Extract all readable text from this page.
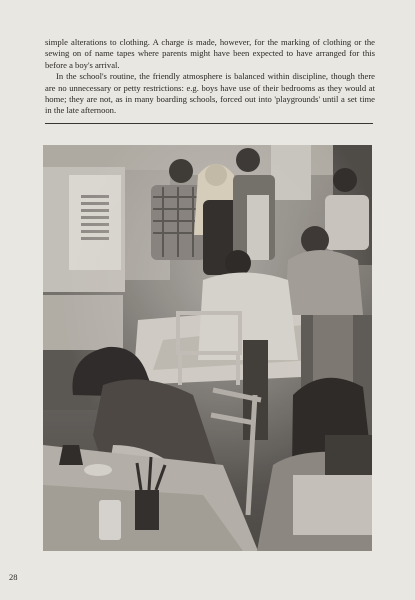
simple alterations to clothing. A charge is made, however, for the marking of clothing or the sewing on of name tapes where parents might have been expected to have arranged for this before a boy's arrival.

In the school's routine, the friendly atmosphere is balanced within discipline, though there are no unnecessary or petty restrictions: e.g. boys have use of their bedrooms as they would at home; they are not, as in many boarding schools, forced out into 'playgrounds' until a set time in the late afternoon.

28
